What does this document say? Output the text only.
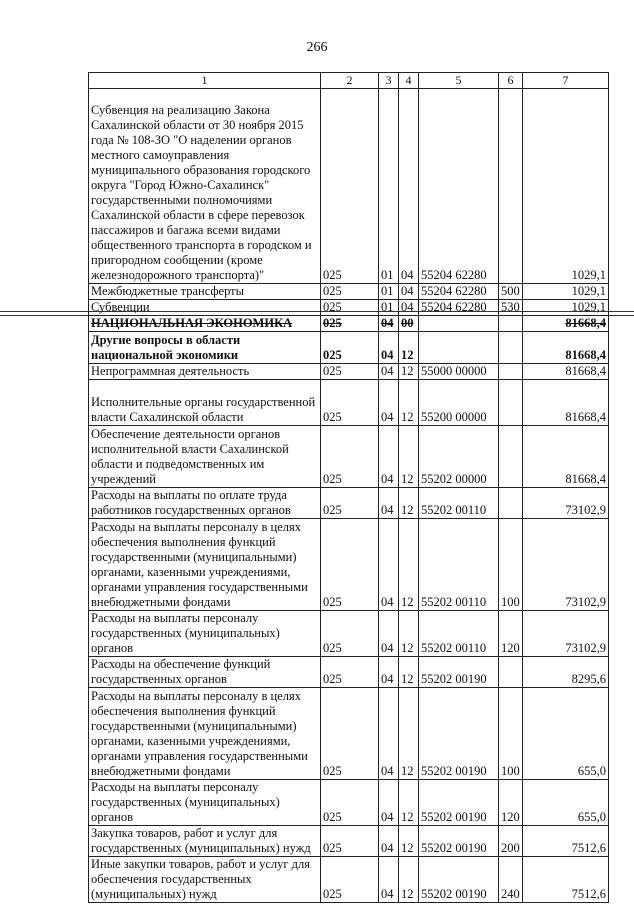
266
1	2	3	4	5	6	7
Субвенция на реализацию Закона Сахалинской области от 30 ноября 2015 года № 108-ЗО "О наделении органов местного самоуправления муниципального образования городского округа "Город Южно-Сахалинск" государственными полномочиями Сахалинской области в сфере перевозок пассажиров и багажа всеми видами общественного транспорта в городском и пригородном сообщении (кроме железнодорожного транспорта)"	025	01	04	55204 62280		1029,1
Межбюджетные трансферты	025	01	04	55204 62280	500	1029,1
Субвенции	025	01	04	55204 62280	530	1029,1
НАЦИОНАЛЬНАЯ ЭКОНОМИКА	025	04	00			81668,4
Другие вопросы в области национальной экономики	025	04	12			81668,4
Непрограммная деятельность	025	04	12	55000 00000		81668,4
Исполнительные органы государственной власти Сахалинской области	025	04	12	55200 00000		81668,4
Обеспечение деятельности органов исполнительной власти Сахалинской области и подведомственных им учреждений	025	04	12	55202 00000		81668,4
Расходы на выплаты по оплате труда работников государственных органов	025	04	12	55202 00110		73102,9
Расходы на выплаты персоналу в целях обеспечения выполнения функций государственными (муниципальными) органами, казенными учреждениями, органами управления государственными внебюджетными фондами	025	04	12	55202 00110	100	73102,9
Расходы на выплаты персоналу государственных (муниципальных) органов	025	04	12	55202 00110	120	73102,9
Расходы на обеспечение функций государственных органов	025	04	12	55202 00190		8295,6
Расходы на выплаты персоналу в целях обеспечения выполнения функций государственными (муниципальными) органами, казенными учреждениями, органами управления государственными внебюджетными фондами	025	04	12	55202 00190	100	655,0
Расходы на выплаты персоналу государственных (муниципальных) органов	025	04	12	55202 00190	120	655,0
Закупка товаров, работ и услуг для государственных (муниципальных) нужд	025	04	12	55202 00190	200	7512,6
Иные закупки товаров, работ и услуг для обеспечения государственных (муниципальных) нужд	025	04	12	55202 00190	240	7512,6
